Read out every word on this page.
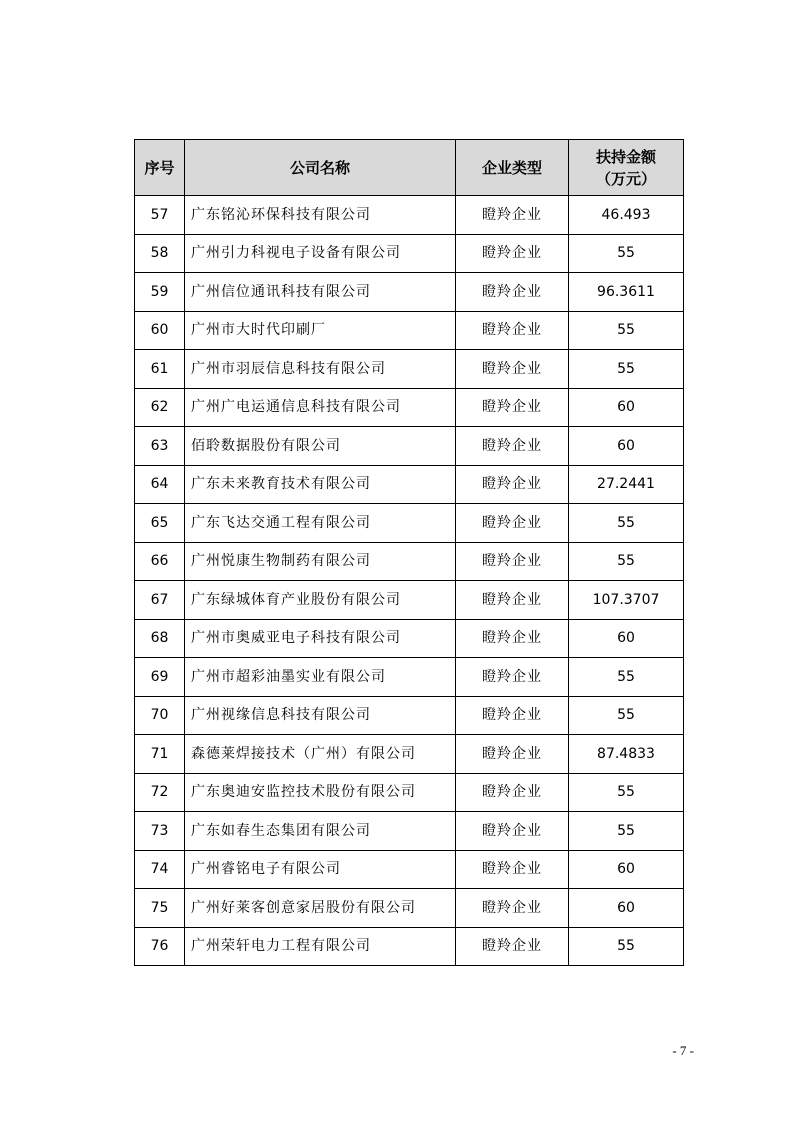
序号	公司名称	企业类型	扶持金额
（万元）

57	广东铭沁环保科技有限公司	瞪羚企业	46.493
58	广州引力科视电子设备有限公司	瞪羚企业	55
59	广州信位通讯科技有限公司	瞪羚企业	96.3611
60	广州市大时代印刷厂	瞪羚企业	55
61	广州市羽辰信息科技有限公司	瞪羚企业	55
62	广州广电运通信息科技有限公司	瞪羚企业	60
63	佰聆数据股份有限公司	瞪羚企业	60
64	广东未来教育技术有限公司	瞪羚企业	27.2441
65	广东飞达交通工程有限公司	瞪羚企业	55
66	广州悦康生物制药有限公司	瞪羚企业	55
67	广东绿城体育产业股份有限公司	瞪羚企业	107.3707
68	广州市奥威亚电子科技有限公司	瞪羚企业	60
69	广州市超彩油墨实业有限公司	瞪羚企业	55
70	广州视缘信息科技有限公司	瞪羚企业	55
71	森德莱焊接技术（广州）有限公司	瞪羚企业	87.4833
72	广东奥迪安监控技术股份有限公司	瞪羚企业	55
73	广东如春生态集团有限公司	瞪羚企业	55
74	广州睿铭电子有限公司	瞪羚企业	60
75	广州好莱客创意家居股份有限公司	瞪羚企业	60
76	广州荣轩电力工程有限公司	瞪羚企业	55
- 7 -
